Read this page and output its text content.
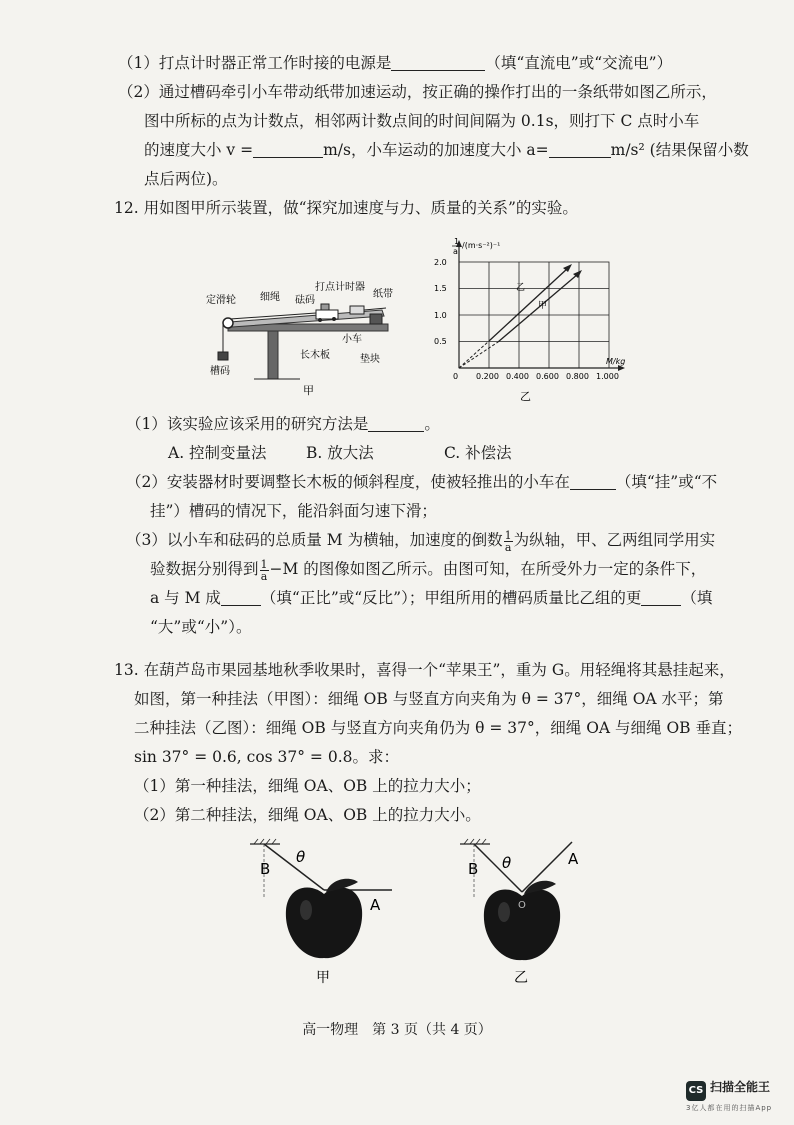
（1）打点计时器正常工作时接的电源是	（填“直流电”或“交流电”）
（2）通过槽码牵引小车带动纸带加速运动，按正确的操作打出的一条纸带如图乙所示，
图中所标的点为计数点，相邻两计数点间的时间间隔为 0.1s，则打下 C 点时小车
的速度大小 v =	m/s，小车运动的加速度大小 a=	m/s² (结果保留小数
点后两位)。
12. 用如图甲所示装置，做“探究加速度与力、质量的关系”的实验。
定滑轮 细绳 砝码
打点计时器
纸带
小车
槽码
长木板	垫块
甲
1
a
/(m·s⁻²)⁻¹
2.0
1.5
1.0
0.5
0 0.200 0.400 0.600 0.800 1.000
M/kg
乙
甲
乙
（1）该实验应该采用的研究方法是	。
A. 控制变量法	B. 放大法	C. 补偿法
（2）安装器材时要调整长木板的倾斜程度，使被轻推出的小车在	（填“挂”或“不
挂”）槽码的情况下，能沿斜面匀速下滑；
（3）以小车和砝码的总质量 M 为横轴，加速度的倒数 $\frac{1}{a}$ 为纵轴，甲、乙两组同学用实
验数据分别得到 $\frac{1}{a} -M$ 的图像如图乙所示。由图可知，在所受外力一定的条件下，
a 与 M 成	（填“正比”或“反比”）；甲组所用的槽码质量比乙组的更	（填
“大”或“小”）。
13. 在葫芦岛市果园基地秋季收果时，喜得一个“苹果王”，重为 G。用轻绳将其悬挂起来，
如图，第一种挂法（甲图）：细绳 OB 与竖直方向夹角为 θ = 37°，细绳 OA 水平；第
二种挂法（乙图）：细绳 OB 与竖直方向夹角仍为 θ = 37°，细绳 OA 与细绳 OB 垂直；
sin 37° = 0.6, cos 37° = 0.8。求：
（1）第一种挂法，细绳 OA、OB 上的拉力大小；
（2）第二种挂法，细绳 OA、OB 上的拉力大小。
B
θ
A
甲
O
B θ	A
乙
高一物理　第 3 页（共 4 页）
CS 扫描全能王
3亿人都在用的扫描App
